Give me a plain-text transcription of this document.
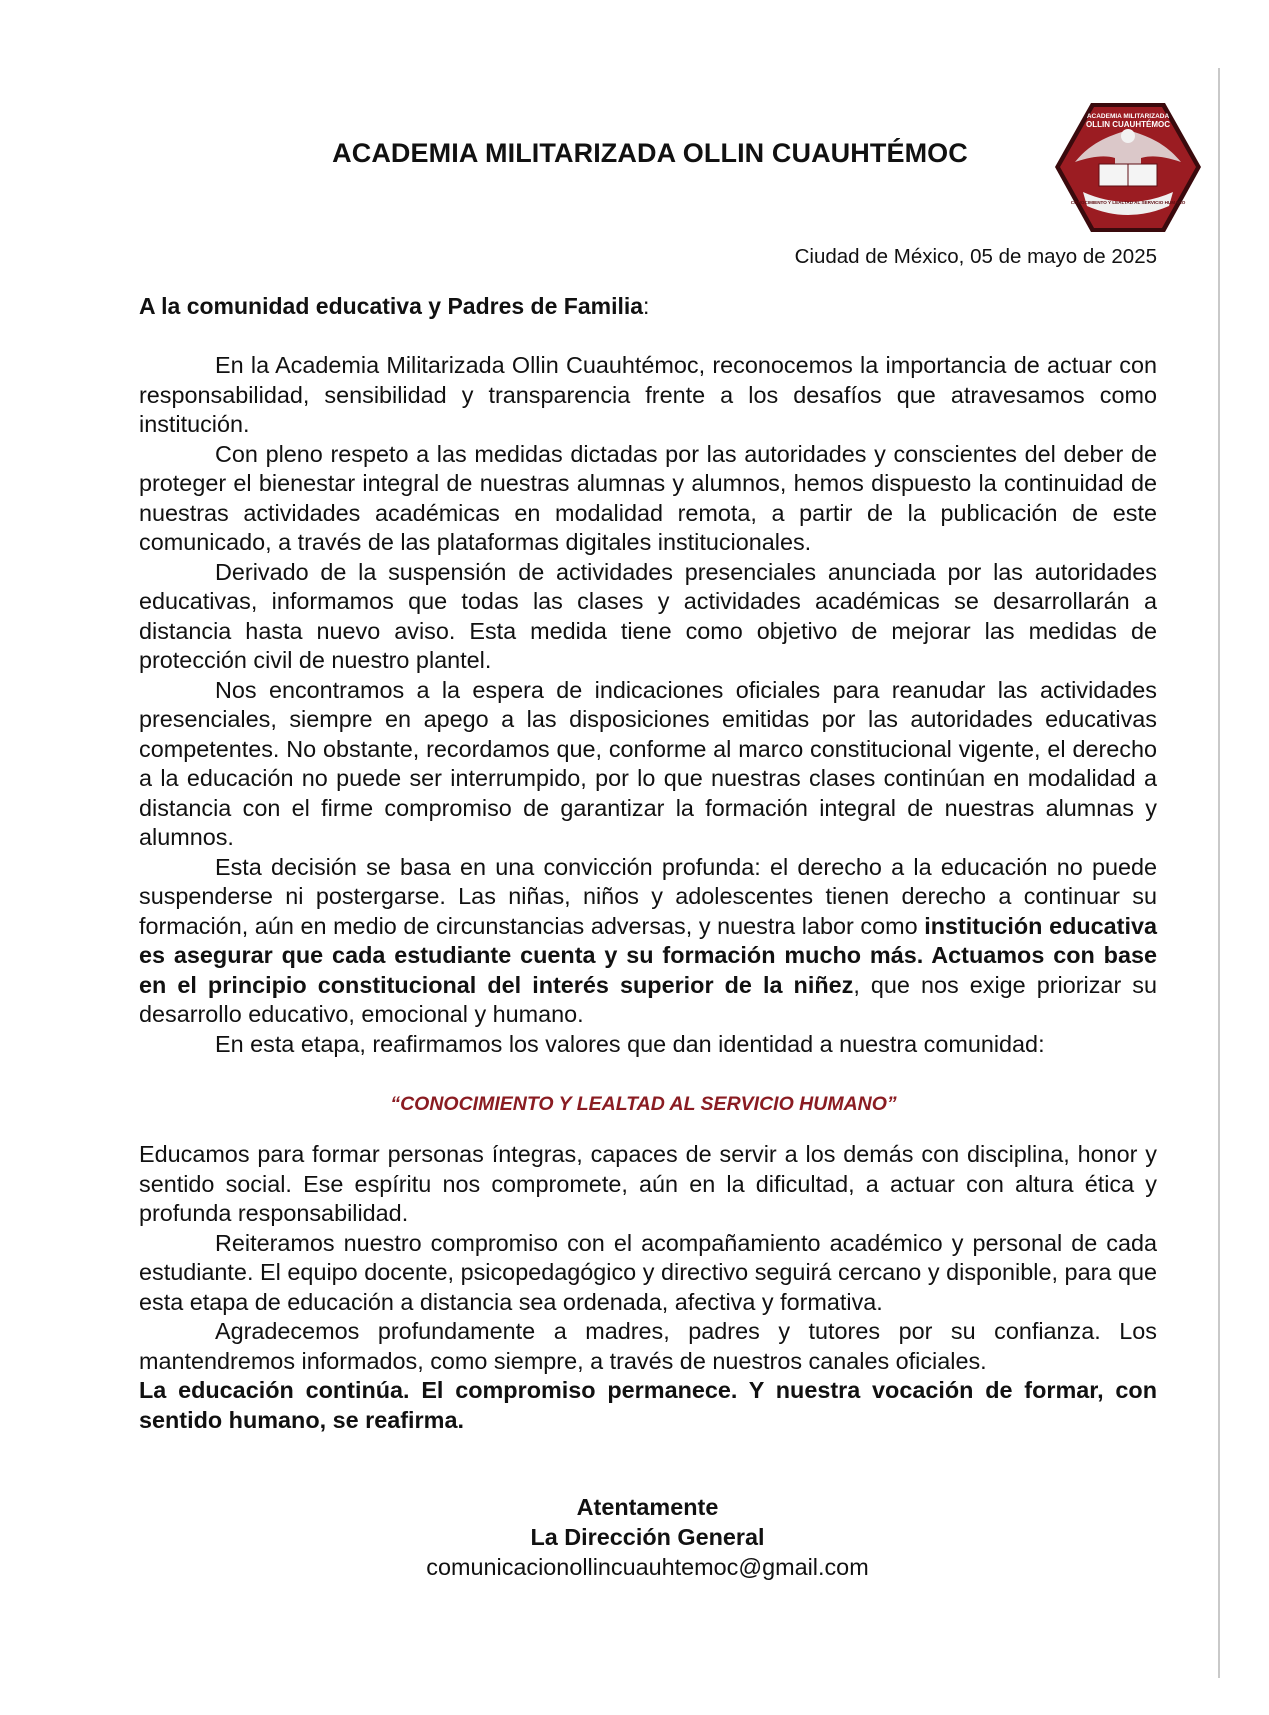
ACADEMIA MILITARIZADA OLLIN CUAUHTÉMOC
ACADEMIA MILITARIZADA
OLLIN CUAUHTÉMOC
CONOCIMIENTO Y LEALTAD AL SERVICIO HUMANO
Ciudad de México, 05 de mayo de 2025
A la comunidad educativa y Padres de Familia:

En la Academia Militarizada Ollin Cuauhtémoc, reconocemos la importancia de actuar con responsabilidad, sensibilidad y transparencia frente a los desafíos que atravesamos como institución.

Con pleno respeto a las medidas dictadas por las autoridades y conscientes del deber de proteger el bienestar integral de nuestras alumnas y alumnos, hemos dispuesto la continuidad de nuestras actividades académicas en modalidad remota, a partir de la publicación de este comunicado, a través de las plataformas digitales institucionales.

Derivado de la suspensión de actividades presenciales anunciada por las autoridades educativas, informamos que todas las clases y actividades académicas se desarrollarán a distancia hasta nuevo aviso. Esta medida tiene como objetivo de mejorar las medidas de protección civil de nuestro plantel.

Nos encontramos a la espera de indicaciones oficiales para reanudar las actividades presenciales, siempre en apego a las disposiciones emitidas por las autoridades educativas competentes. No obstante, recordamos que, conforme al marco constitucional vigente, el derecho a la educación no puede ser interrumpido, por lo que nuestras clases continúan en modalidad a distancia con el firme compromiso de garantizar la formación integral de nuestras alumnas y alumnos.

Esta decisión se basa en una convicción profunda: el derecho a la educación no puede suspenderse ni postergarse. Las niñas, niños y adolescentes tienen derecho a continuar su formación, aún en medio de circunstancias adversas, y nuestra labor como institución educativa es asegurar que cada estudiante cuenta y su formación mucho más. Actuamos con base en el principio constitucional del interés superior de la niñez, que nos exige priorizar su desarrollo educativo, emocional y humano.

En esta etapa, reafirmamos los valores que dan identidad a nuestra comunidad:

“CONOCIMIENTO Y LEALTAD AL SERVICIO HUMANO”

Educamos para formar personas íntegras, capaces de servir a los demás con disciplina, honor y sentido social. Ese espíritu nos compromete, aún en la dificultad, a actuar con altura ética y profunda responsabilidad.

Reiteramos nuestro compromiso con el acompañamiento académico y personal de cada estudiante. El equipo docente, psicopedagógico y directivo seguirá cercano y disponible, para que esta etapa de educación a distancia sea ordenada, afectiva y formativa.

Agradecemos profundamente a madres, padres y tutores por su confianza. Los mantendremos informados, como siempre, a través de nuestros canales oficiales.

La educación continúa. El compromiso permanece. Y nuestra vocación de formar, con sentido humano, se reafirma.

Atentamente
La Dirección General
comunicacionollincuauhtemoc@gmail.com
